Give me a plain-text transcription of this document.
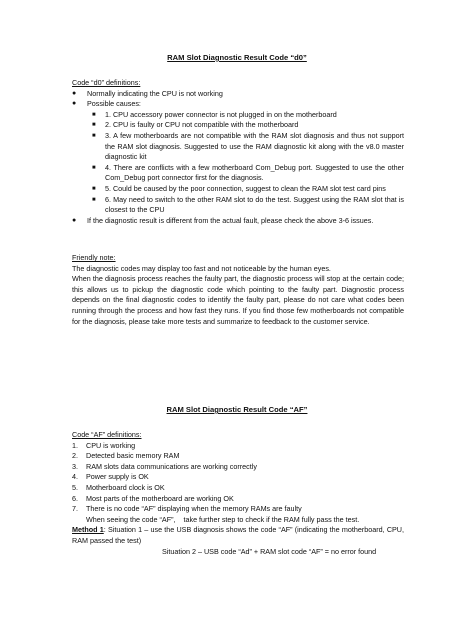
RAM Slot Diagnostic Result Code “d0”
Code “d0” definitions:
●	Normally indicating the CPU is not working
●	Possible causes:
■	1. CPU accessory power connector is not plugged in on the motherboard
■	2. CPU is faulty or CPU not compatible with the motherboard
■	3. A few motherboards are not compatible with the RAM slot diagnosis and thus not support the RAM slot diagnosis. Suggested to use the RAM diagnostic kit along with the v8.0 master diagnostic kit
■	4. There are conflicts with a few motherboard Com_Debug port. Suggested to use the other Com_Debug port connector first for the diagnosis.
■	5. Could be caused by the poor connection, suggest to clean the RAM slot test card pins
■	6. May need to switch to the other RAM slot to do the test. Suggest using the RAM slot that is closest to the CPU
●	If the diagnostic result is different from the actual fault, please check the above 3-6 issues.
Friendly note:
The diagnostic codes may display too fast and not noticeable by the human eyes.
When the diagnosis process reaches the faulty part, the diagnostic process will stop at the certain code; this allows us to pickup the diagnostic code which pointing to the faulty part. Diagnostic process depends on the final diagnostic codes to identify the faulty part, please do not care what codes been running through the process and how fast they runs. If you find those few motherboards not compatible for the diagnosis, please take more tests and summarize to feedback to the customer service.
RAM Slot Diagnostic Result Code “AF”
Code “AF” definitions:
1.	CPU is working
2.	Detected basic memory RAM
3.	RAM slots data communications are working correctly
4.	Power supply is OK
5.	Motherboard clock is OK
6.	Most parts of the motherboard are working OK
7.	There is no code “AF” displaying when the memory RAMs are faulty
When seeing the code “AF”,    take further step to check if the RAM fully pass the test.
Method 1: Situation 1 – use the USB diagnosis shows the code “AF” (indicating the motherboard, CPU, RAM passed the test)
Situation 2 – USB code “Ad” + RAM slot code “AF” = no error found
